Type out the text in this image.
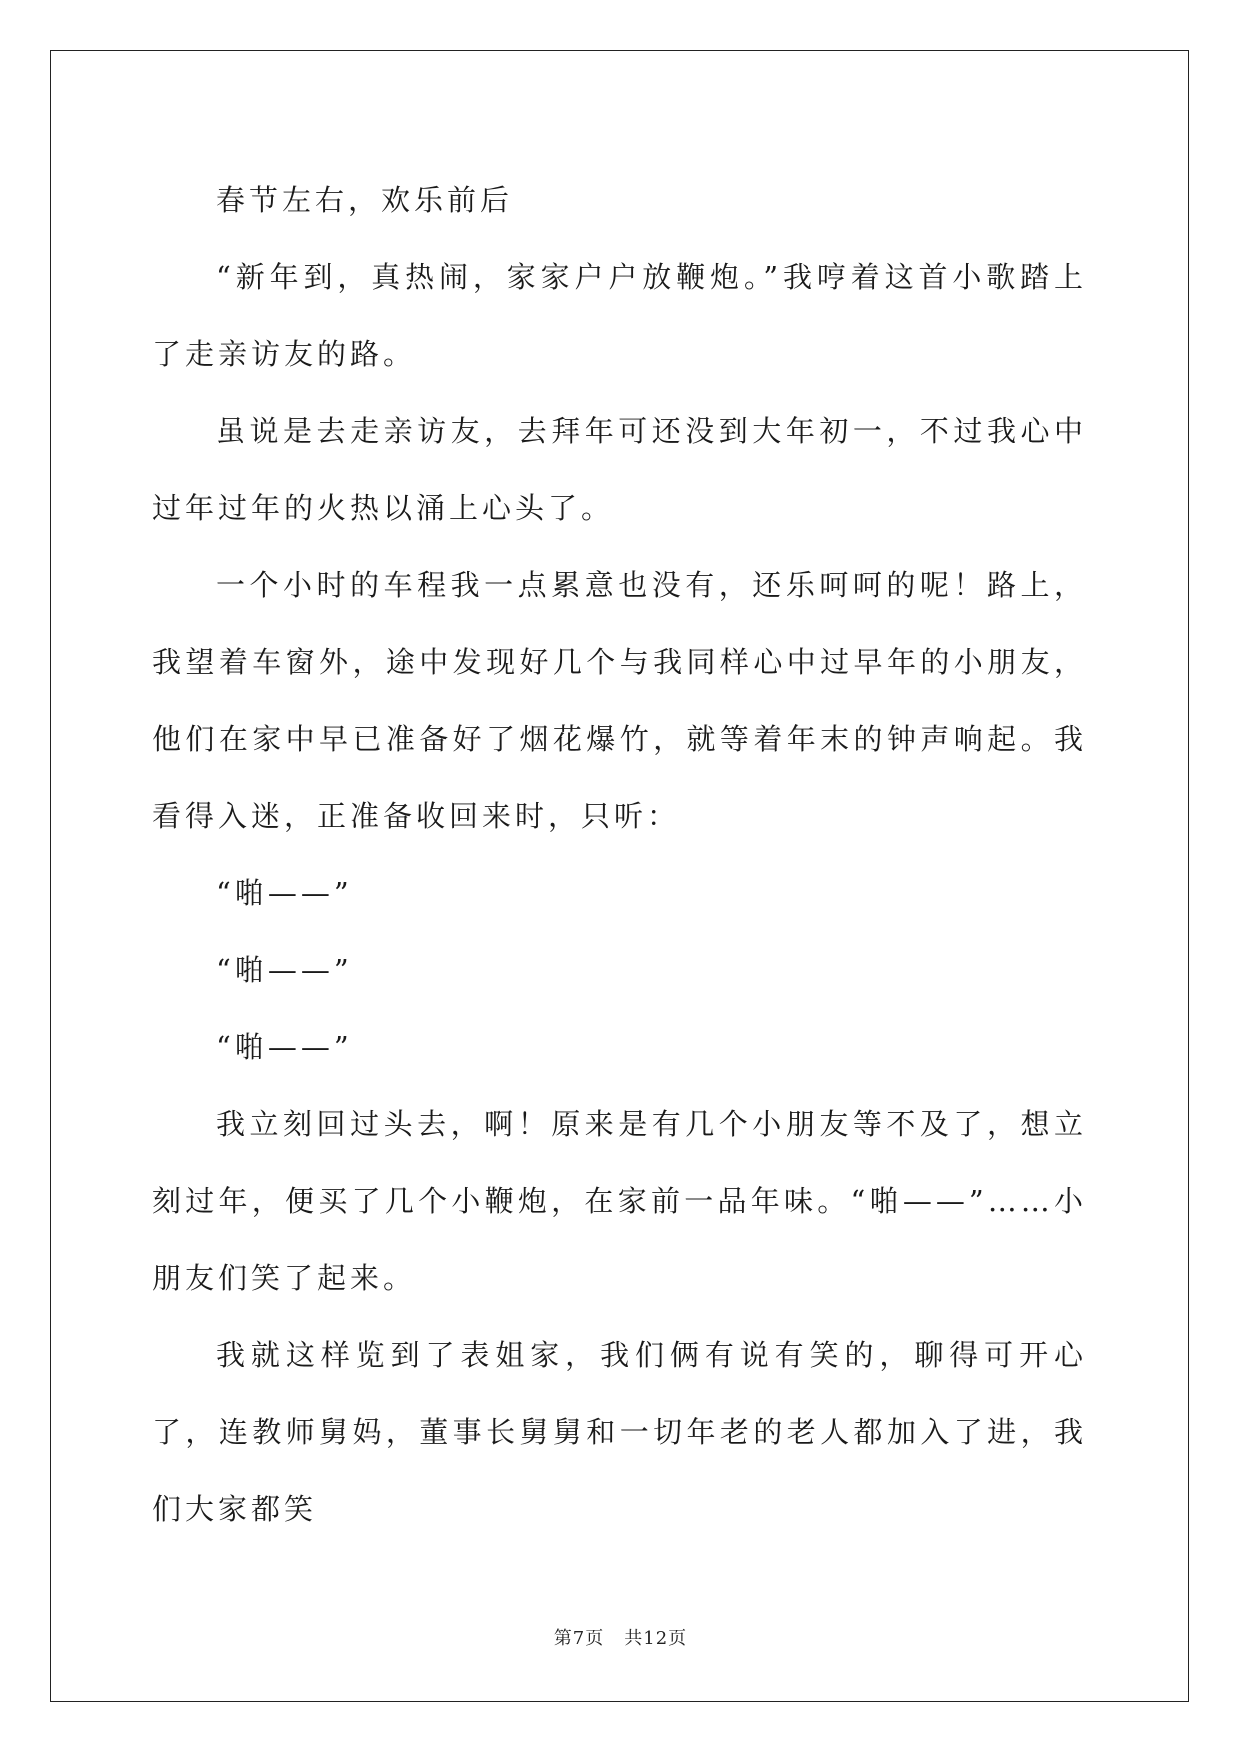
春节左右，欢乐前后

“新年到，真热闹，家家户户放鞭炮。”我哼着这首小歌踏上了走亲访友的路。

虽说是去走亲访友，去拜年可还没到大年初一，不过我心中过年过年的火热以涌上心头了。

一个小时的车程我一点累意也没有，还乐呵呵的呢！路上，我望着车窗外，途中发现好几个与我同样心中过早年的小朋友，他们在家中早已准备好了烟花爆竹，就等着年末的钟声响起。我看得入迷，正准备收回来时，只听：

“啪——”

“啪——”

“啪——”

我立刻回过头去，啊！原来是有几个小朋友等不及了，想立刻过年，便买了几个小鞭炮，在家前一品年味。“啪——”……小朋友们笑了起来。

我就这样览到了表姐家，我们俩有说有笑的，聊得可开心了，连教师舅妈，董事长舅舅和一切年老的老人都加入了进，我们大家都笑

第7页 共12页
